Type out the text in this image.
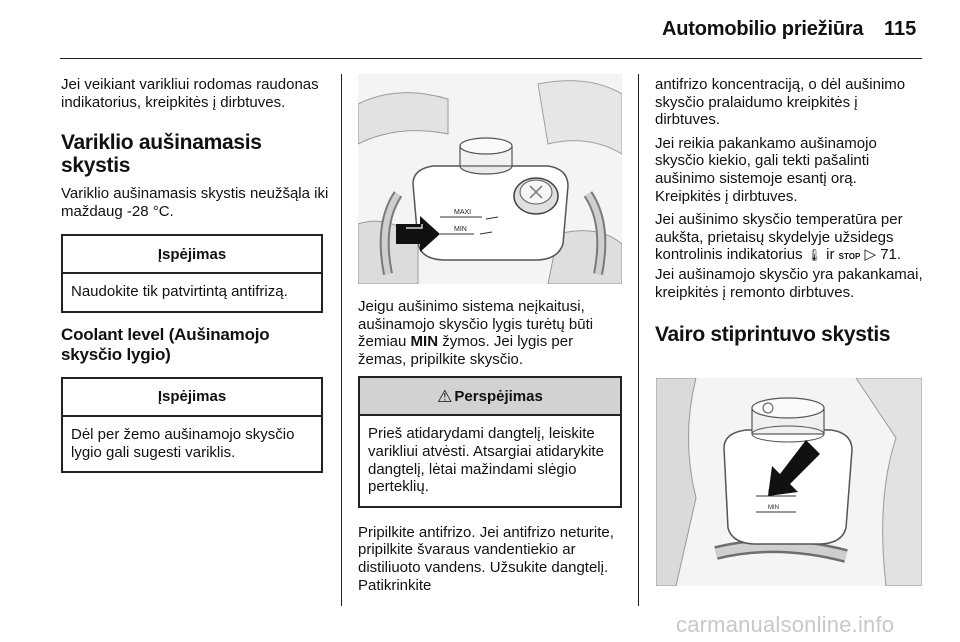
Automobilio priežiūra 115

Jei veikiant varikliui rodomas raudonas indikatorius, kreipkitės į dirbtuves.

Variklio aušinamasis skystis

Variklio aušinamasis skystis neužšąla iki maždaug -28 °C.

Įspėjimas
Naudokite tik patvirtintą antifrizą.
Coolant level (Aušinamojo skysčio lygio)
Įspėjimas
Dėl per žemo aušinamojo skysčio lygio gali sugesti variklis.
MAXI
MIN

Jeigu aušinimo sistema neįkaitusi, aušinamojo skysčio lygis turėtų būti žemiau MIN žymos. Jei lygis per žemas, pripilkite skysčio.

⚠ Perspėjimas
Prieš atidarydami dangtelį, leiskite varikliui atvėsti. Atsargiai atidarykite dangtelį, lėtai mažindami slėgio perteklių.

Pripilkite antifrizo. Jei antifrizo neturite, pripilkite švaraus vandentiekio ar distiliuoto vandens. Užsukite dangtelį. Patikrinkite

antifrizo koncentraciją, o dėl aušinimo skysčio pralaidumo kreipkitės į dirbtuves.

Jei reikia pakankamo aušinamojo skysčio kiekio, gali tekti pašalinti aušinimo sistemoje esantį orą. Kreipkitės į dirbtuves.

Jei aušinimo skysčio temperatūra per aukšta, prietaisų skydelyje užsidegs kontrolinis indikatorius 🌡 ir STOP ▷ 71. Jei aušinamojo skysčio yra pakankamai, kreipkitės į remonto dirbtuves.

Vairo stiprintuvo skystis
MIN
carmanualsonline.info
